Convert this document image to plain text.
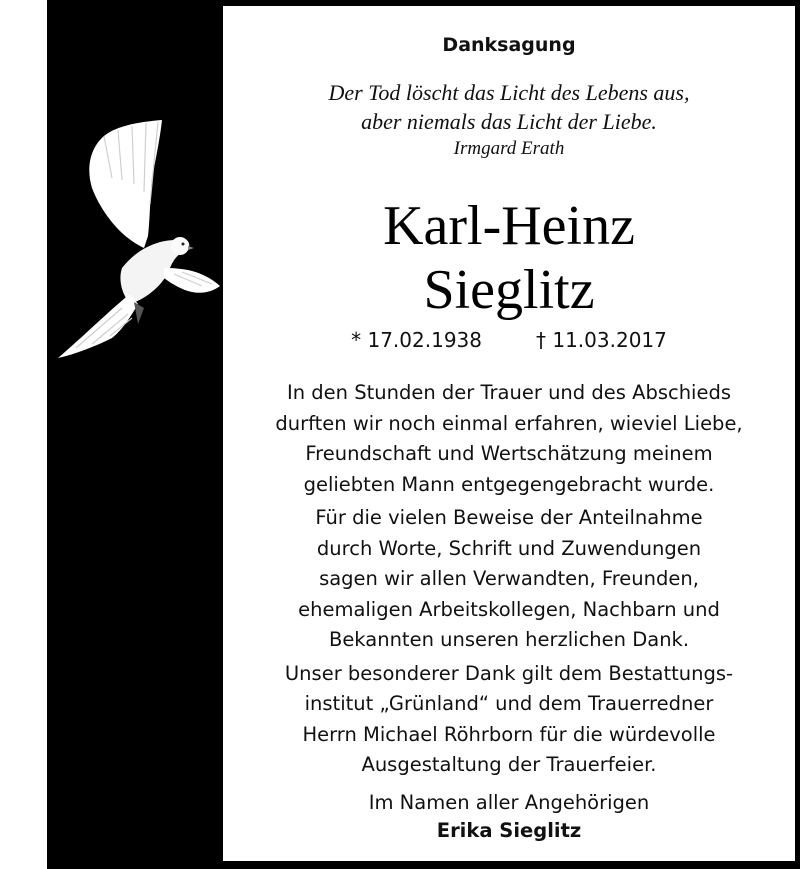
Danksagung
Der Tod löscht das Licht des Lebens aus,
aber niemals das Licht der Liebe.
Irmgard Erath
Karl-Heinz
Sieglitz
* 17.02.1938	† 11.03.2017

In den Stunden der Trauer und des Abschieds
durften wir noch einmal erfahren, wieviel Liebe,
Freundschaft und Wertschätzung meinem
geliebten Mann entgegengebracht wurde.

Für die vielen Beweise der Anteilnahme
durch Worte, Schrift und Zuwendungen
sagen wir allen Verwandten, Freunden,
ehemaligen Arbeitskollegen, Nachbarn und
Bekannten unseren herzlichen Dank.

Unser besonderer Dank gilt dem Bestattungs-
institut „Grünland“ und dem Trauerredner
Herrn Michael Röhrborn für die würdevolle
Ausgestaltung der Trauerfeier.

Im Namen aller Angehörigen
Erika Sieglitz
